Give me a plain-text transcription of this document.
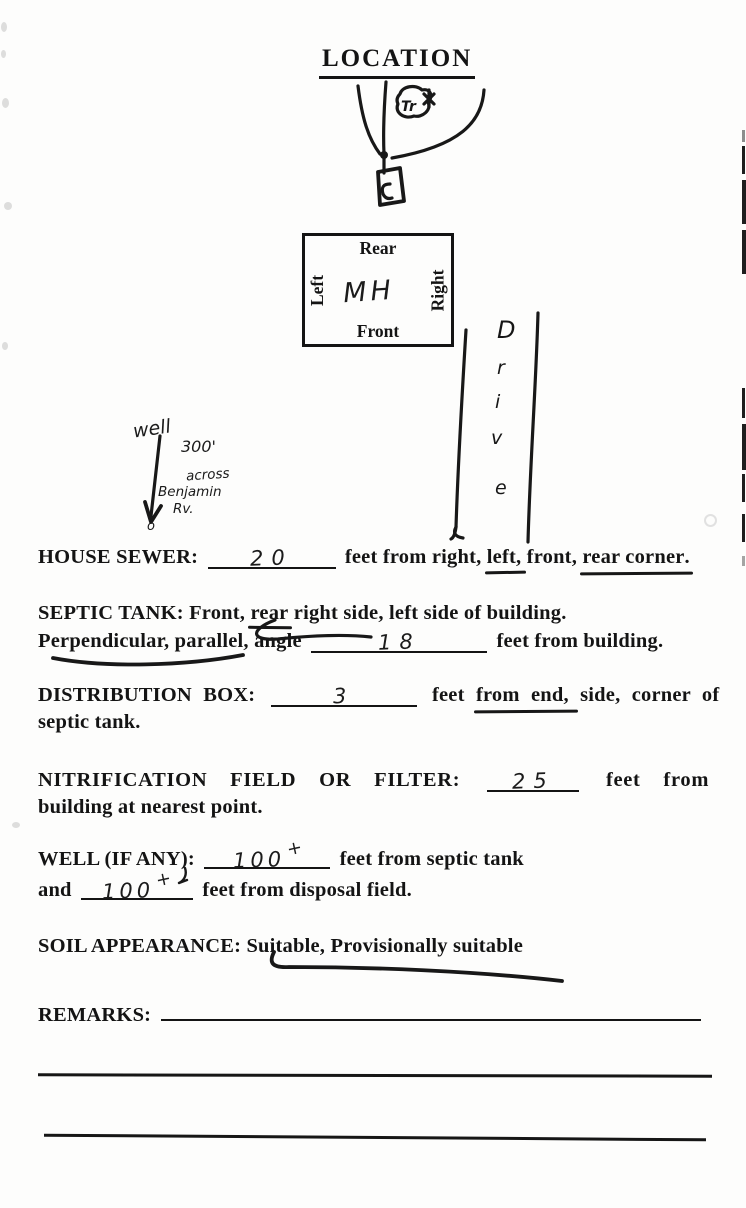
LOCATION
Tr
Rear
Front
Left	Right
MH
D
r
i
v
e
well
300'
across
Benjamin
Rv.
o
HOUSE SEWER: 20	feet from right, left, front, rear corner.
SEPTIC TANK: Front, rear right side, left side of building.
Perpendicular, parallel, angle	18	feet from building.
DISTRIBUTION BOX:	3	feet from end, side, corner of
septic tank.
NITRIFICATION FIELD OR FILTER: 25 feet from
building at nearest point.
WELL (IF ANY): 100+ feet from septic tank
and 100+ feet from disposal field.
SOIL APPEARANCE: Suitable, Provisionally suitable
REMARKS:
